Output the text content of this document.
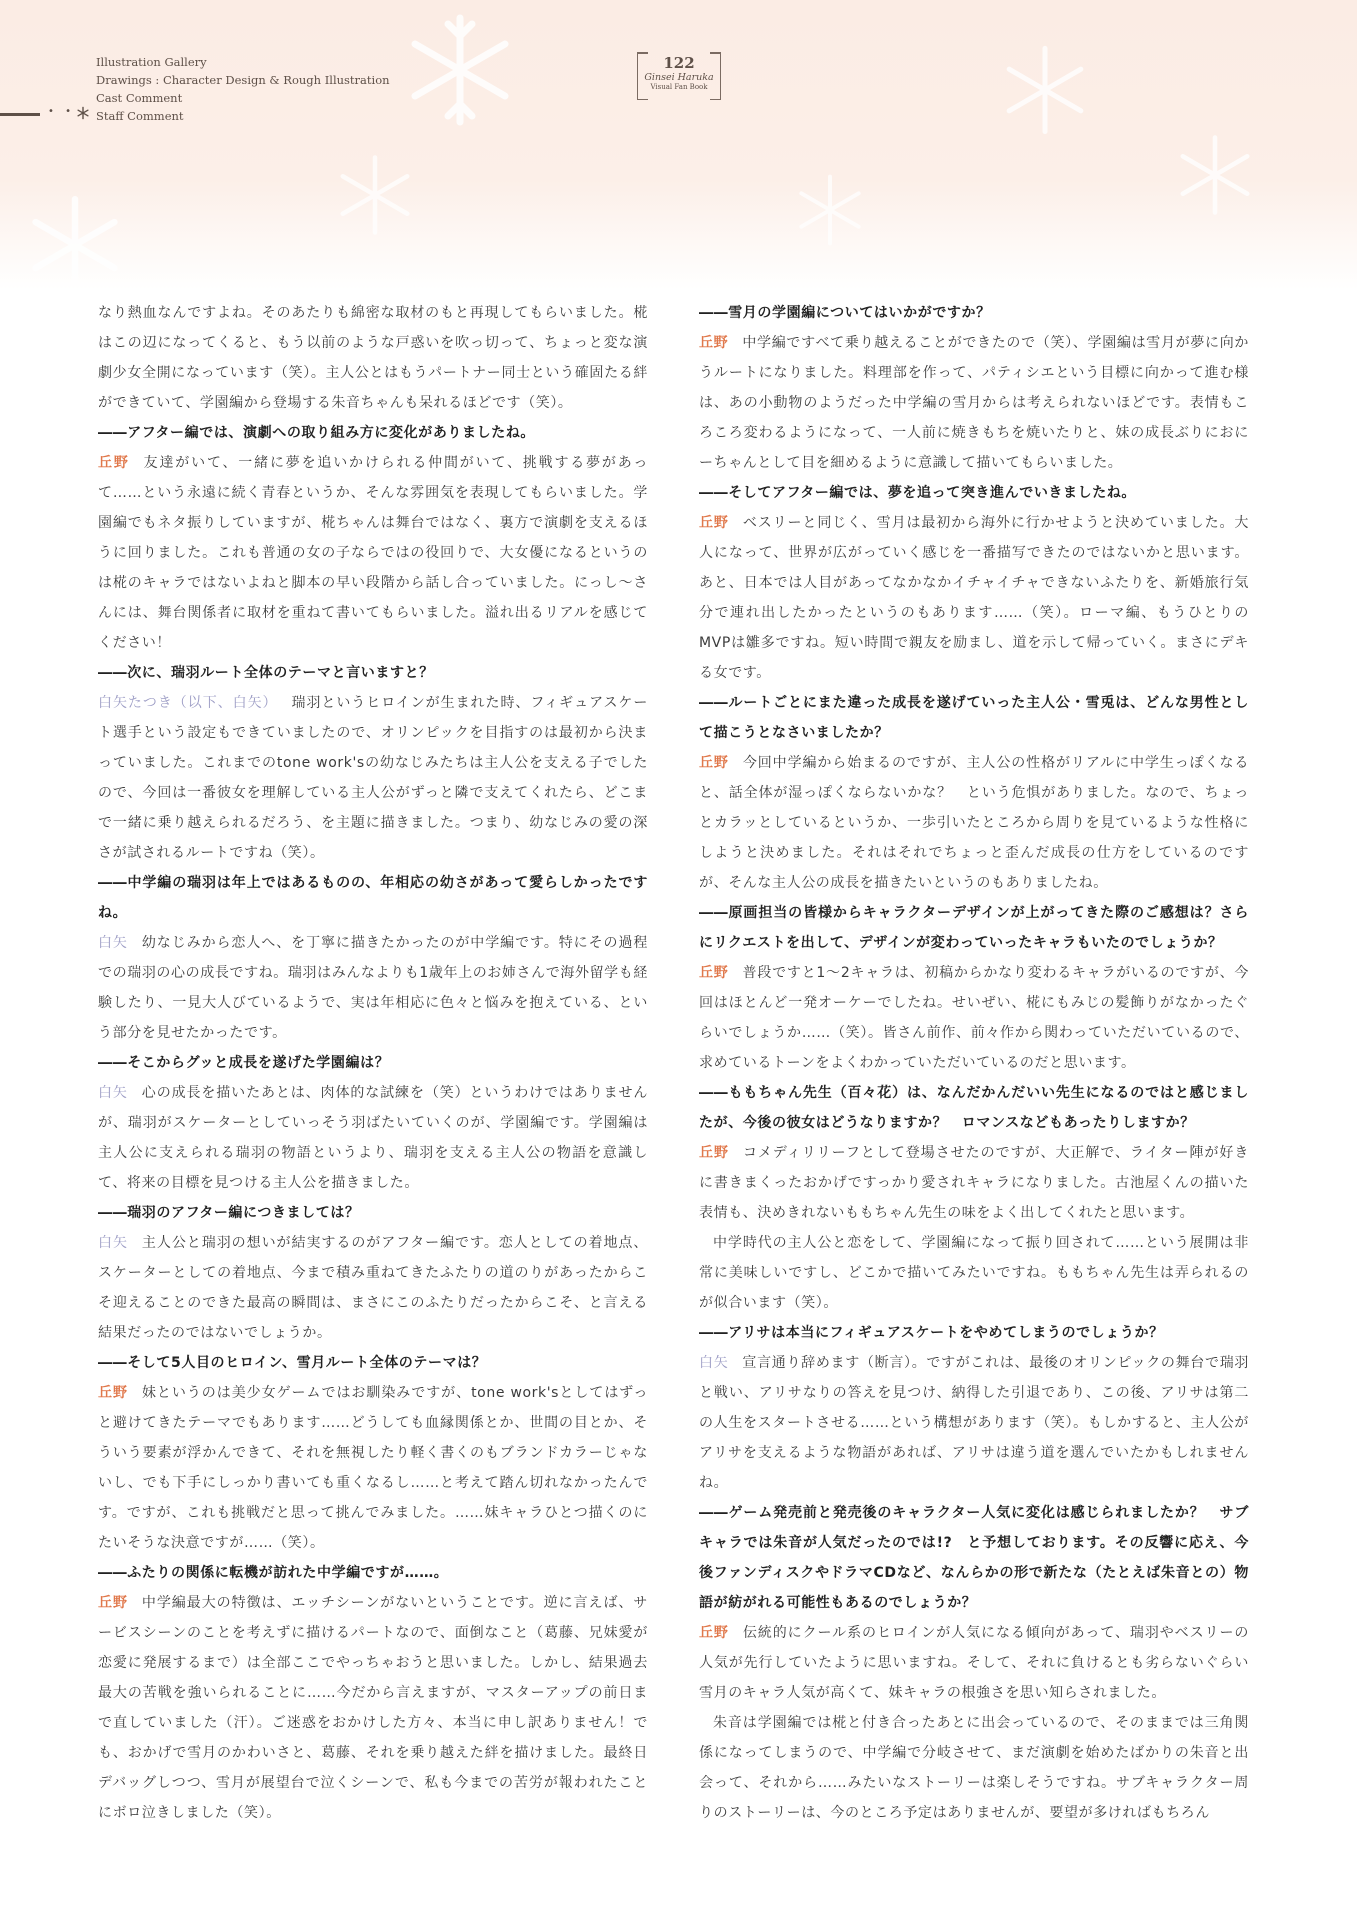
Illustration Gallery
Drawings : Character Design & Rough Illustration
Cast Comment
Staff Comment
• •
122
Ginsei Haruka
Visual Fan Book

なり熱血なんですよね。そのあたりも綿密な取材のもと再現してもらいました。椛はこの辺になってくると、もう以前のような戸惑いを吹っ切って、ちょっと変な演劇少女全開になっています（笑）。主人公とはもうパートナー同士という確固たる絆ができていて、学園編から登場する朱音ちゃんも呆れるほどです（笑）。

――アフター編では、演劇への取り組み方に変化がありましたね。

丘野 友達がいて、一緒に夢を追いかけられる仲間がいて、挑戦する夢があって……という永遠に続く青春というか、そんな雰囲気を表現してもらいました。学園編でもネタ振りしていますが、椛ちゃんは舞台ではなく、裏方で演劇を支えるほうに回りました。これも普通の女の子ならではの役回りで、大女優になるというのは椛のキャラではないよねと脚本の早い段階から話し合っていました。にっし～さんには、舞台関係者に取材を重ねて書いてもらいました。溢れ出るリアルを感じてください！

――次に、瑞羽ルート全体のテーマと言いますと？

白矢たつき（以下、白矢） 瑞羽というヒロインが生まれた時、フィギュアスケート選手という設定もできていましたので、オリンピックを目指すのは最初から決まっていました。これまでのtone work'sの幼なじみたちは主人公を支える子でしたので、今回は一番彼女を理解している主人公がずっと隣で支えてくれたら、どこまで一緒に乗り越えられるだろう、を主題に描きました。つまり、幼なじみの愛の深さが試されるルートですね（笑）。

――中学編の瑞羽は年上ではあるものの、年相応の幼さがあって愛らしかったですね。

白矢 幼なじみから恋人へ、を丁寧に描きたかったのが中学編です。特にその過程での瑞羽の心の成長ですね。瑞羽はみんなよりも1歳年上のお姉さんで海外留学も経験したり、一見大人びているようで、実は年相応に色々と悩みを抱えている、という部分を見せたかったです。

――そこからグッと成長を遂げた学園編は？

白矢 心の成長を描いたあとは、肉体的な試練を（笑）というわけではありませんが、瑞羽がスケーターとしていっそう羽ばたいていくのが、学園編です。学園編は主人公に支えられる瑞羽の物語というより、瑞羽を支える主人公の物語を意識して、将来の目標を見つける主人公を描きました。

――瑞羽のアフター編につきましては？

白矢 主人公と瑞羽の想いが結実するのがアフター編です。恋人としての着地点、スケーターとしての着地点、今まで積み重ねてきたふたりの道のりがあったからこそ迎えることのできた最高の瞬間は、まさにこのふたりだったからこそ、と言える結果だったのではないでしょうか。

――そして5人目のヒロイン、雪月ルート全体のテーマは？

丘野 妹というのは美少女ゲームではお馴染みですが、tone work'sとしてはずっと避けてきたテーマでもあります……どうしても血縁関係とか、世間の目とか、そういう要素が浮かんできて、それを無視したり軽く書くのもブランドカラーじゃないし、でも下手にしっかり書いても重くなるし……と考えて踏ん切れなかったんです。ですが、これも挑戦だと思って挑んでみました。……妹キャラひとつ描くのにたいそうな決意ですが……（笑）。

――ふたりの関係に転機が訪れた中学編ですが……。

丘野 中学編最大の特徴は、エッチシーンがないということです。逆に言えば、サービスシーンのことを考えずに描けるパートなので、面倒なこと（葛藤、兄妹愛が恋愛に発展するまで）は全部ここでやっちゃおうと思いました。しかし、結果過去最大の苦戦を強いられることに……今だから言えますが、マスターアップの前日まで直していました（汗）。ご迷惑をおかけした方々、本当に申し訳ありません！でも、おかげで雪月のかわいさと、葛藤、それを乗り越えた絆を描けました。最終日デバッグしつつ、雪月が展望台で泣くシーンで、私も今までの苦労が報われたことにボロ泣きしました（笑）。

――雪月の学園編についてはいかがですか？

丘野 中学編ですべて乗り越えることができたので（笑）、学園編は雪月が夢に向かうルートになりました。料理部を作って、パティシエという目標に向かって進む様は、あの小動物のようだった中学編の雪月からは考えられないほどです。表情もころころ変わるようになって、一人前に焼きもちを焼いたりと、妹の成長ぶりにおにーちゃんとして目を細めるように意識して描いてもらいました。

――そしてアフター編では、夢を追って突き進んでいきましたね。

丘野 ベスリーと同じく、雪月は最初から海外に行かせようと決めていました。大人になって、世界が広がっていく感じを一番描写できたのではないかと思います。あと、日本では人目があってなかなかイチャイチャできないふたりを、新婚旅行気分で連れ出したかったというのもあります……（笑）。ローマ編、もうひとりのMVPは雛多ですね。短い時間で親友を励まし、道を示して帰っていく。まさにデキる女です。

――ルートごとにまた違った成長を遂げていった主人公・雪兎は、どんな男性として描こうとなさいましたか？

丘野 今回中学編から始まるのですが、主人公の性格がリアルに中学生っぽくなると、話全体が湿っぽくならないかな？　という危惧がありました。なので、ちょっとカラッとしているというか、一歩引いたところから周りを見ているような性格にしようと決めました。それはそれでちょっと歪んだ成長の仕方をしているのですが、そんな主人公の成長を描きたいというのもありましたね。

――原画担当の皆様からキャラクターデザインが上がってきた際のご感想は？さらにリクエストを出して、デザインが変わっていったキャラもいたのでしょうか？

丘野 普段ですと1～2キャラは、初稿からかなり変わるキャラがいるのですが、今回はほとんど一発オーケーでしたね。せいぜい、椛にもみじの髪飾りがなかったぐらいでしょうか……（笑）。皆さん前作、前々作から関わっていただいているので、求めているトーンをよくわかっていただいているのだと思います。

――ももちゃん先生（百々花）は、なんだかんだいい先生になるのではと感じましたが、今後の彼女はどうなりますか？　ロマンスなどもあったりしますか？

丘野 コメディリリーフとして登場させたのですが、大正解で、ライター陣が好きに書きまくったおかげですっかり愛されキャラになりました。古池屋くんの描いた表情も、決めきれないももちゃん先生の味をよく出してくれたと思います。

中学時代の主人公と恋をして、学園編になって振り回されて……という展開は非常に美味しいですし、どこかで描いてみたいですね。ももちゃん先生は弄られるのが似合います（笑）。

――アリサは本当にフィギュアスケートをやめてしまうのでしょうか？

白矢 宣言通り辞めます（断言）。ですがこれは、最後のオリンピックの舞台で瑞羽と戦い、アリサなりの答えを見つけ、納得した引退であり、この後、アリサは第二の人生をスタートさせる……という構想があります（笑）。もしかすると、主人公がアリサを支えるような物語があれば、アリサは違う道を選んでいたかもしれませんね。

――ゲーム発売前と発売後のキャラクター人気に変化は感じられましたか？　サブキャラでは朱音が人気だったのでは!?　と予想しております。その反響に応え、今後ファンディスクやドラマCDなど、なんらかの形で新たな（たとえば朱音との）物語が紡がれる可能性もあるのでしょうか？

丘野 伝統的にクール系のヒロインが人気になる傾向があって、瑞羽やベスリーの人気が先行していたように思いますね。そして、それに負けるとも劣らないぐらい雪月のキャラ人気が高くて、妹キャラの根強さを思い知らされました。

朱音は学園編では椛と付き合ったあとに出会っているので、そのままでは三角関係になってしまうので、中学編で分岐させて、まだ演劇を始めたばかりの朱音と出会って、それから……みたいなストーリーは楽しそうですね。サブキャラクター周りのストーリーは、今のところ予定はありませんが、要望が多ければもちろん
